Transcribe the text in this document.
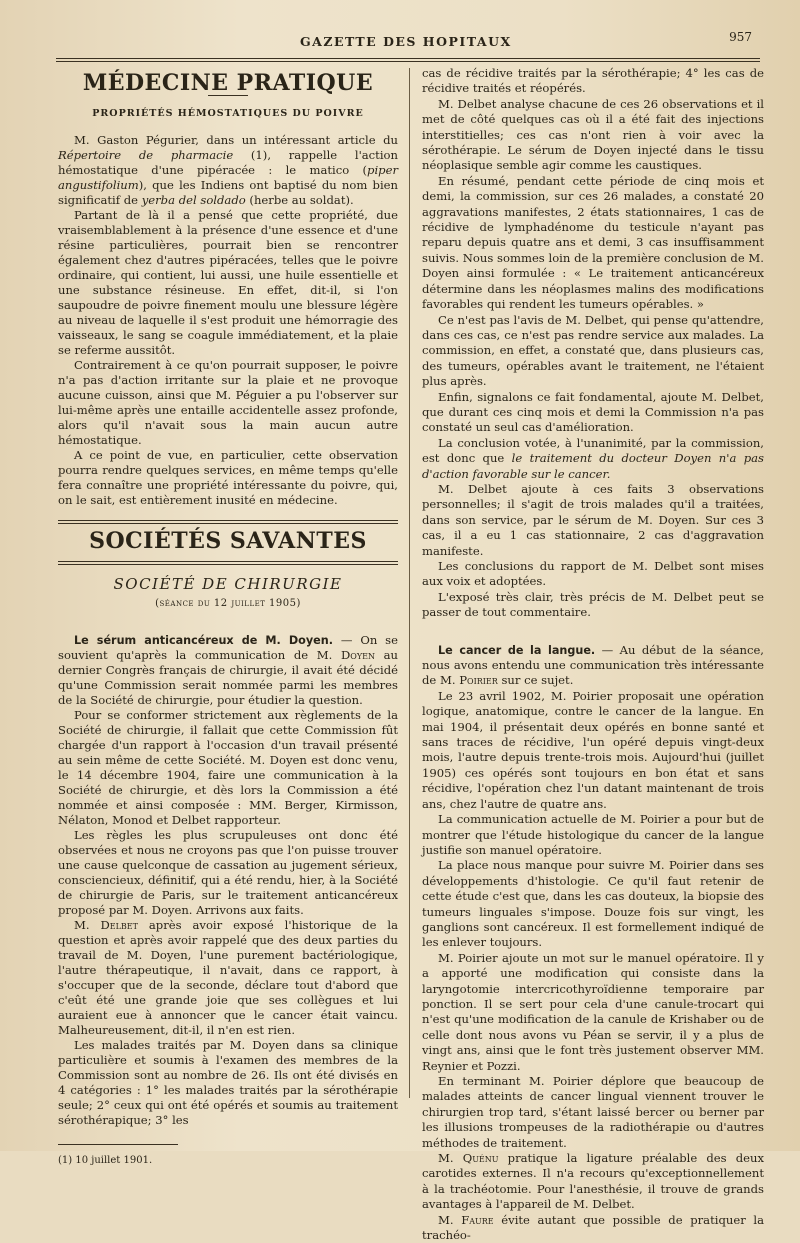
GAZETTE DES HOPITAUX	957
MÉDECINE PRATIQUE
PROPRIÉTÉS HÉMOSTATIQUES DU POIVRE

M. Gaston Pégurier, dans un intéressant article du Répertoire de pharmacie (1), rappelle l'action hémostatique d'une pipéracée : le matico (piper angustifolium), que les Indiens ont baptisé du nom bien significatif de yerba del soldado (herbe au soldat).

Partant de là il a pensé que cette propriété, due vraisemblablement à la présence d'une essence et d'une résine particulières, pourrait bien se rencontrer également chez d'autres pipéracées, telles que le poivre ordinaire, qui contient, lui aussi, une huile essentielle et une substance résineuse. En effet, dit-il, si l'on saupoudre de poivre finement moulu une blessure légère au niveau de laquelle il s'est produit une hémorragie des vaisseaux, le sang se coagule immédiatement, et la plaie se referme aussitôt.

Contrairement à ce qu'on pourrait supposer, le poivre n'a pas d'action irritante sur la plaie et ne provoque aucune cuisson, ainsi que M. Péguier a pu l'observer sur lui-même après une entaille accidentelle assez profonde, alors qu'il n'avait sous la main aucun autre hémostatique.

A ce point de vue, en particulier, cette observation pourra rendre quelques services, en même temps qu'elle fera connaître une propriété intéressante du poivre, qui, on le sait, est entièrement inusité en médecine.

SOCIÉTÉS SAVANTES
SOCIÉTÉ DE CHIRURGIE
(séance du 12 juillet 1905)

Le sérum anticancéreux de M. Doyen. — On se souvient qu'après la communication de M. Doyen au dernier Congrès français de chirurgie, il avait été décidé qu'une Commission serait nommée parmi les membres de la Société de chirurgie, pour étudier la question.

Pour se conformer strictement aux règlements de la Société de chirurgie, il fallait que cette Commission fût chargée d'un rapport à l'occasion d'un travail présenté au sein même de cette Société. M. Doyen est donc venu, le 14 décembre 1904, faire une communication à la Société de chirurgie, et dès lors la Commission a été nommée et ainsi composée : MM. Berger, Kirmisson, Nélaton, Monod et Delbet rapporteur.

Les règles les plus scrupuleuses ont donc été observées et nous ne croyons pas que l'on puisse trouver une cause quelconque de cassation au jugement sérieux, consciencieux, définitif, qui a été rendu, hier, à la Société de chirurgie de Paris, sur le traitement anticancéreux proposé par M. Doyen. Arrivons aux faits.

M. Delbet après avoir exposé l'historique de la question et après avoir rappelé que des deux parties du travail de M. Doyen, l'une purement bactériologique, l'autre thérapeutique, il n'avait, dans ce rapport, à s'occuper que de la seconde, déclare tout d'abord que c'eût été une grande joie que ses collègues et lui auraient eue à annoncer que le cancer était vaincu. Malheureusement, dit-il, il n'en est rien.

Les malades traités par M. Doyen dans sa clinique particulière et soumis à l'examen des membres de la Commission sont au nombre de 26. Ils ont été divisés en 4 catégories : 1° les malades traités par la sérothérapie seule; 2° ceux qui ont été opérés et soumis au traitement sérothérapique; 3° les

(1) 10 juillet 1901.

cas de récidive traités par la sérothérapie; 4° les cas de récidive traités et réopérés.

M. Delbet analyse chacune de ces 26 observations et il met de côté quelques cas où il a été fait des injections interstitielles; ces cas n'ont rien à voir avec la sérothérapie. Le sérum de Doyen injecté dans le tissu néoplasique semble agir comme les caustiques.

En résumé, pendant cette période de cinq mois et demi, la commission, sur ces 26 malades, a constaté 20 aggravations manifestes, 2 états stationnaires, 1 cas de récidive de lymphadénome du testicule n'ayant pas reparu depuis quatre ans et demi, 3 cas insuffisamment suivis. Nous sommes loin de la première conclusion de M. Doyen ainsi formulée : « Le traitement anticancéreux détermine dans les néoplasmes malins des modifications favorables qui rendent les tumeurs opérables. »

Ce n'est pas l'avis de M. Delbet, qui pense qu'attendre, dans ces cas, ce n'est pas rendre service aux malades. La commission, en effet, a constaté que, dans plusieurs cas, des tumeurs, opérables avant le traitement, ne l'étaient plus après.

Enfin, signalons ce fait fondamental, ajoute M. Delbet, que durant ces cinq mois et demi la Commission n'a pas constaté un seul cas d'amélioration.

La conclusion votée, à l'unanimité, par la commission, est donc que le traitement du docteur Doyen n'a pas d'action favorable sur le cancer.

M. Delbet ajoute à ces faits 3 observations personnelles; il s'agit de trois malades qu'il a traitées, dans son service, par le sérum de M. Doyen. Sur ces 3 cas, il a eu 1 cas stationnaire, 2 cas d'aggravation manifeste.

Les conclusions du rapport de M. Delbet sont mises aux voix et adoptées.

L'exposé très clair, très précis de M. Delbet peut se passer de tout commentaire.

Le cancer de la langue. — Au début de la séance, nous avons entendu une communication très intéressante de M. Poirier sur ce sujet.

Le 23 avril 1902, M. Poirier proposait une opération logique, anatomique, contre le cancer de la langue. En mai 1904, il présentait deux opérés en bonne santé et sans traces de récidive, l'un opéré depuis vingt-deux mois, l'autre depuis trente-trois mois. Aujourd'hui (juillet 1905) ces opérés sont toujours en bon état et sans récidive, l'opération chez l'un datant maintenant de trois ans, chez l'autre de quatre ans.

La communication actuelle de M. Poirier a pour but de montrer que l'étude histologique du cancer de la langue justifie son manuel opératoire.

La place nous manque pour suivre M. Poirier dans ses développements d'histologie. Ce qu'il faut retenir de cette étude c'est que, dans les cas douteux, la biopsie des tumeurs linguales s'impose. Douze fois sur vingt, les ganglions sont cancéreux. Il est formellement indiqué de les enlever toujours.

M. Poirier ajoute un mot sur le manuel opératoire. Il y a apporté une modification qui consiste dans la laryngotomie intercricothyroïdienne temporaire par ponction. Il se sert pour cela d'une canule-trocart qui n'est qu'une modification de la canule de Krishaber ou de celle dont nous avons vu Péan se servir, il y a plus de vingt ans, ainsi que le font très justement observer MM. Reynier et Pozzi.

En terminant M. Poirier déplore que beaucoup de malades atteints de cancer lingual viennent trouver le chirurgien trop tard, s'étant laissé bercer ou berner par les illusions trompeuses de la radiothérapie ou d'autres méthodes de traitement.

M. Quénu pratique la ligature préalable des deux carotides externes. Il n'a recours qu'exceptionnellement à la trachéotomie. Pour l'anesthésie, il trouve de grands avantages à l'appareil de M. Delbet.

M. Faure évite autant que possible de pratiquer la trachéo-
